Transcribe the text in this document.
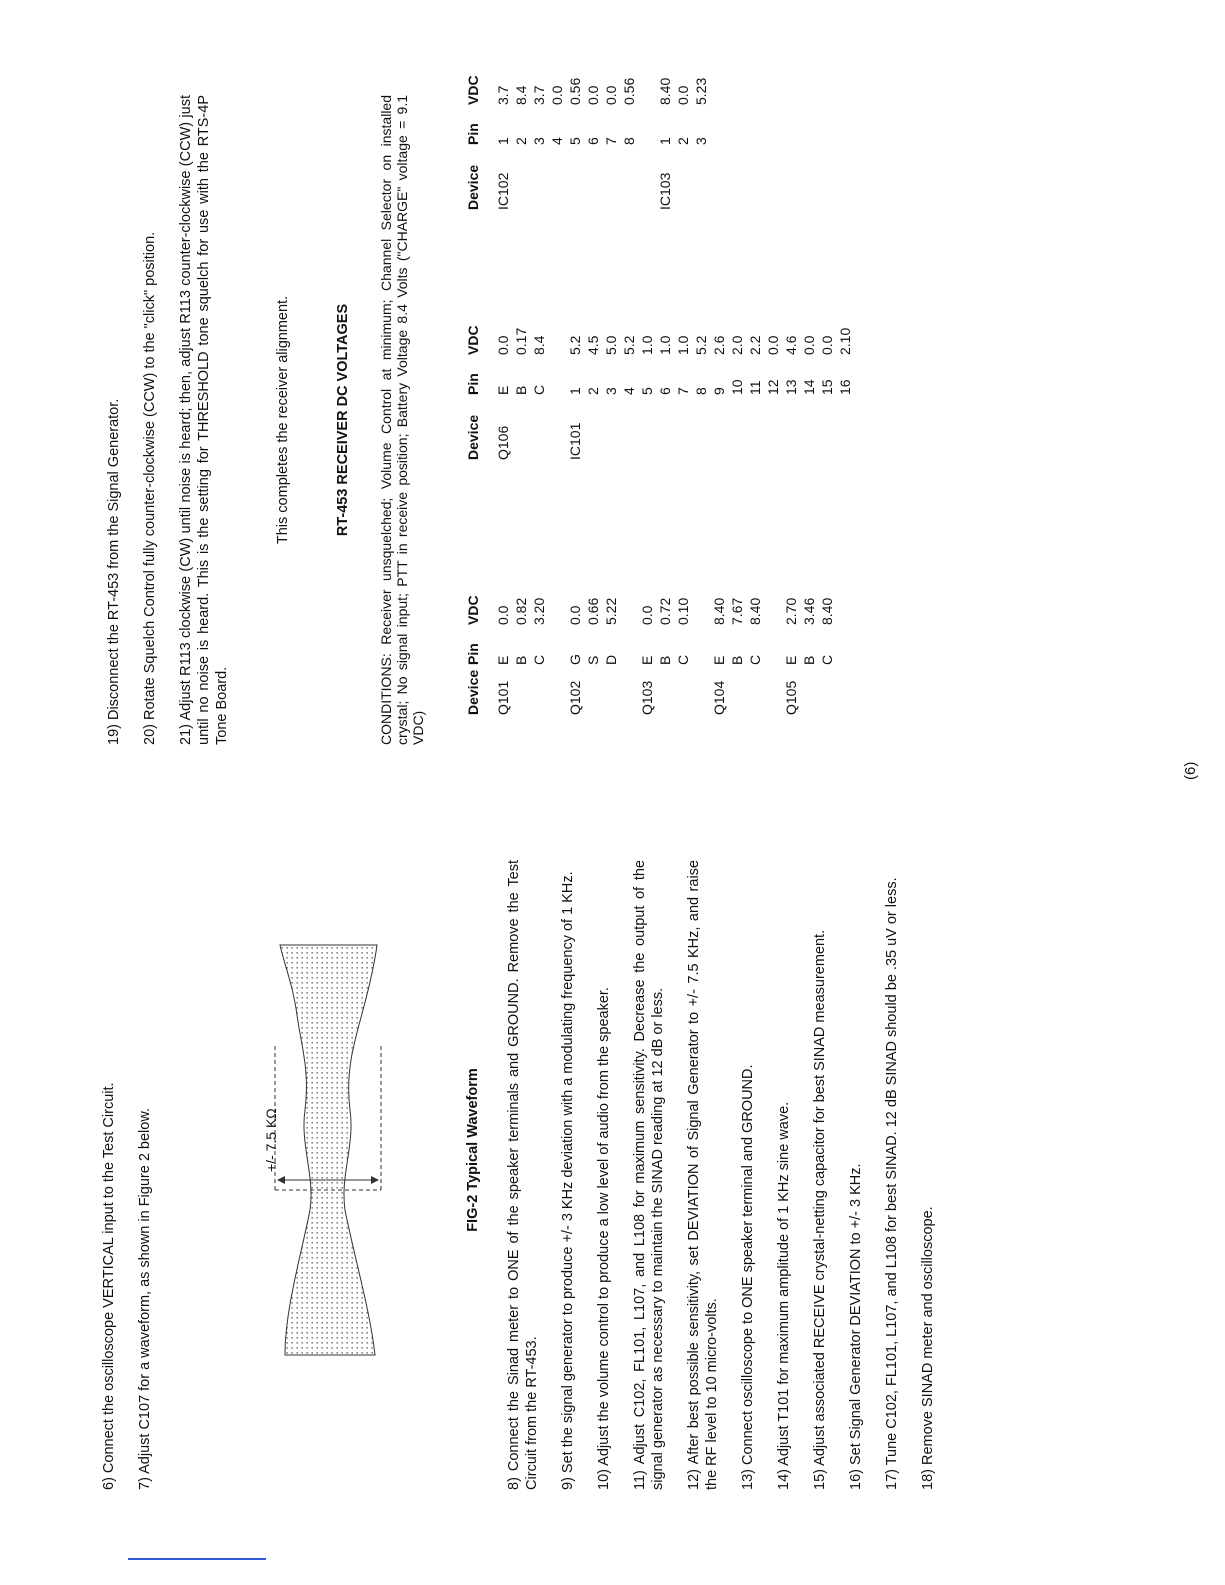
6) Connect the oscilloscope VERTICAL input to the Test Circuit. 7) Adjust C107 for a waveform, as shown in Figure 2 below.	+/- 7.5 KΩ	FIG-2 Typical Waveform 8) Connect the Sinad meter to ONE of the speaker terminals and GROUND. Remove the Test Circuit from the RT-453. 9) Set the signal generator to produce +/- 3 KHz deviation with a modulating frequency of 1 KHz. 10) Adjust the volume control to produce a low level of audio from the speaker. 11) Adjust C102, FL101, L107, and L108 for maximum sensitivity. Decrease the output of the signal generator as necessary to maintain the SINAD reading at 12 dB or less. 12) After best possible sensitivity, set DEVIATION of Signal Generator to +/- 7.5 KHz, and raise the RF level to 10 micro-volts. 13) Connect oscilloscope to ONE speaker terminal and GROUND. 14) Adjust T101 for maximum amplitude of 1 KHz sine wave. 15) Adjust associated RECEIVE crystal-netting capacitor for best SINAD measurement. 16) Set Signal Generator DEVIATION to +/- 3 KHz. 17) Tune C102, FL101, L107, and L108 for best SINAD. 12 dB SINAD should be .35 uV or less. 18) Remove SINAD meter and oscilloscope.
19) Disconnect the RT-453 from the Signal Generator. 20) Rotate Squelch Control fully counter-clockwise (CCW) to the "click" position. 21) Adjust R113 clockwise (CW) until noise is heard; then, adjust R113 counter-clockwise (CCW) just until no noise is heard. This is the setting for THRESHOLD tone squelch for use with the RTS-4P Tone Board.
This completes the receiver alignment.	RT-453 RECEIVER DC VOLTAGES CONDITIONS: Receiver unsquelched; Volume Control at minimum; Channel Selector on installed crystal; No signal input; PTT in receive position; Battery Voltage 8.4 Volts ("CHARGE" voltage = 9.1 VDC)
Device	Pin	VDC
Q101	E	0.0
	B	0.82
	C	3.20

Q102	G	0.0
	S	0.66
	D	5.22

Q103	E	0.0
	B	0.72
	C	0.10

Q104	E	8.40
	B	7.67
	C	8.40

Q105	E	2.70
	B	3.46
	C	8.40

Device	Pin	VDC
Q106	E	0.0
	B	0.17
	C	8.4

IC101	1	5.2
	2	4.5
	3	5.0
	4	5.2
	5	1.0
	6	1.0
	7	1.0
	8	5.2
	9	2.6
	10	2.0
	11	2.2
	12	0.0
	13	4.6
	14	0.0
	15	0.0
	16	2.10

Device	Pin	VDC
IC102	1	3.7
	2	8.4
	3	3.7
	4	0.0
	5	0.56
	6	0.0
	7	0.0
	8	0.56

IC103	1	8.40
	2	0.0
	3	5.23

(6)
